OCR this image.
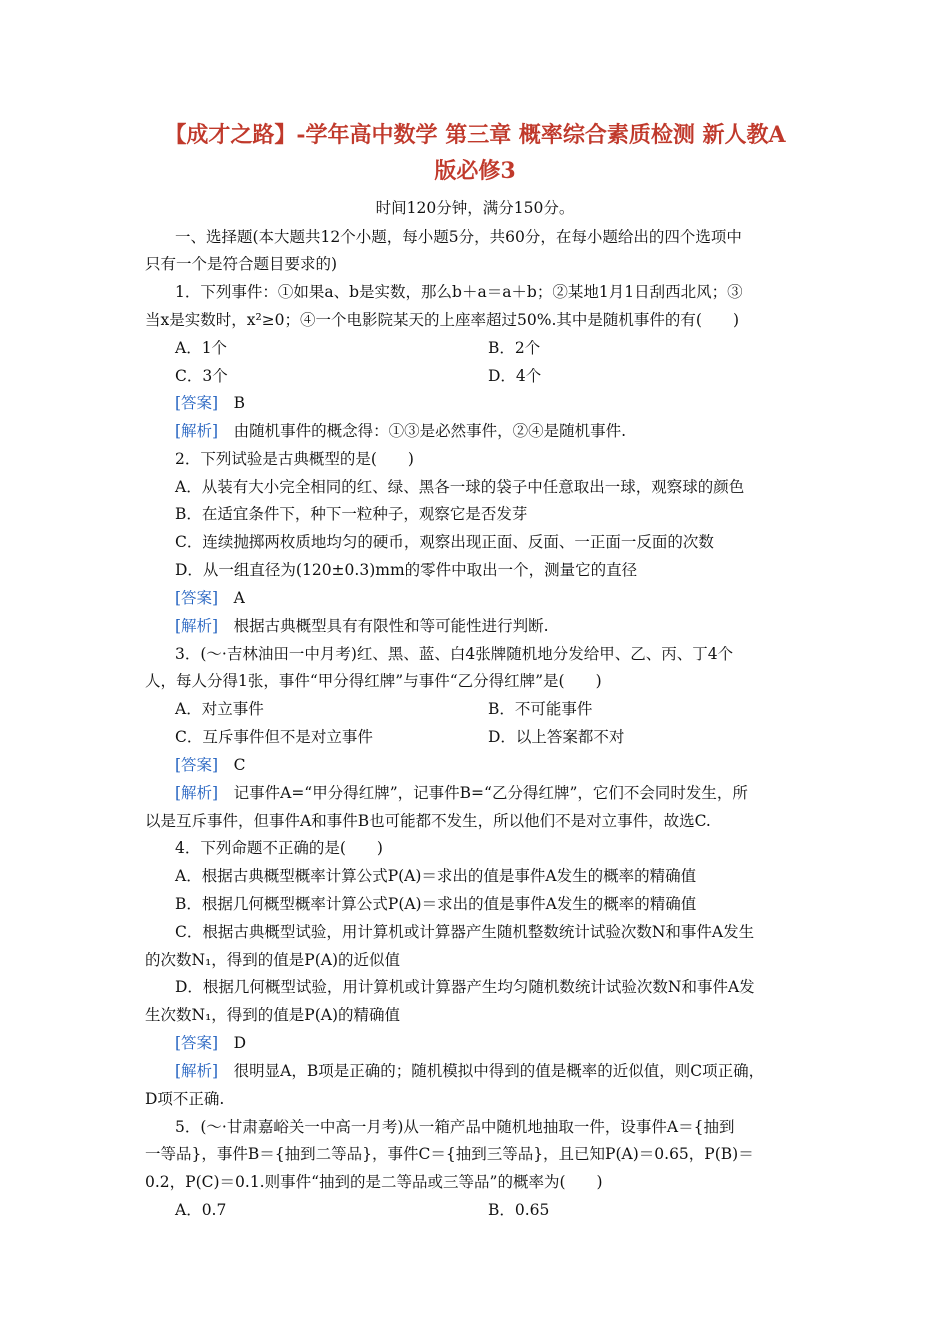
【成才之路】-学年高中数学 第三章 概率综合素质检测 新人教A
版必修3
时间120分钟，满分150分。
一、选择题(本大题共12个小题，每小题5分，共60分，在每小题给出的四个选项中
只有一个是符合题目要求的)
1．下列事件：①如果a、b是实数，那么b＋a＝a＋b；②某地1月1日刮西北风；③
当x是实数时，x²≥0；④一个电影院某天的上座率超过50%.其中是随机事件的有(　　)
A．1个	B．2个
C．3个	D．4个
[答案]　 B
[解析]　 由随机事件的概念得：①③是必然事件，②④是随机事件.
2．下列试验是古典概型的是(　　)
A．从装有大小完全相同的红、绿、黑各一球的袋子中任意取出一球，观察球的颜色
B．在适宜条件下，种下一粒种子，观察它是否发芽
C．连续抛掷两枚质地均匀的硬币，观察出现正面、反面、一正面一反面的次数
D．从一组直径为(120±0.3)mm的零件中取出一个，测量它的直径
[答案]　 A
[解析]　 根据古典概型具有有限性和等可能性进行判断.
3．(～·吉林油田一中月考)红、黑、蓝、白4张牌随机地分发给甲、乙、丙、丁4个
人，每人分得1张，事件“甲分得红牌”与事件“乙分得红牌”是(　　)
A．对立事件	B．不可能事件
C．互斥事件但不是对立事件	D．以上答案都不对
[答案]　 C
[解析]　 记事件A=“甲分得红牌”，记事件B=“乙分得红牌”，它们不会同时发生，所
以是互斥事件，但事件A和事件B也可能都不发生，所以他们不是对立事件，故选C.
4．下列命题不正确的是(　　)
A．根据古典概型概率计算公式P(A)＝求出的值是事件A发生的概率的精确值
B．根据几何概型概率计算公式P(A)＝求出的值是事件A发生的概率的精确值
C．根据古典概型试验，用计算机或计算器产生随机整数统计试验次数N和事件A发生
的次数N₁，得到的值是P(A)的近似值
D．根据几何概型试验，用计算机或计算器产生均匀随机数统计试验次数N和事件A发
生次数N₁，得到的值是P(A)的精确值
[答案]　 D
[解析]　 很明显A，B项是正确的；随机模拟中得到的值是概率的近似值，则C项正确，
D项不正确.
5．(～·甘肃嘉峪关一中高一月考)从一箱产品中随机地抽取一件，设事件A＝{抽到
一等品}，事件B＝{抽到二等品}，事件C＝{抽到三等品}，且已知P(A)＝0.65，P(B)＝
0.2，P(C)＝0.1.则事件“抽到的是二等品或三等品”的概率为(　　)
A．0.7	B．0.65
